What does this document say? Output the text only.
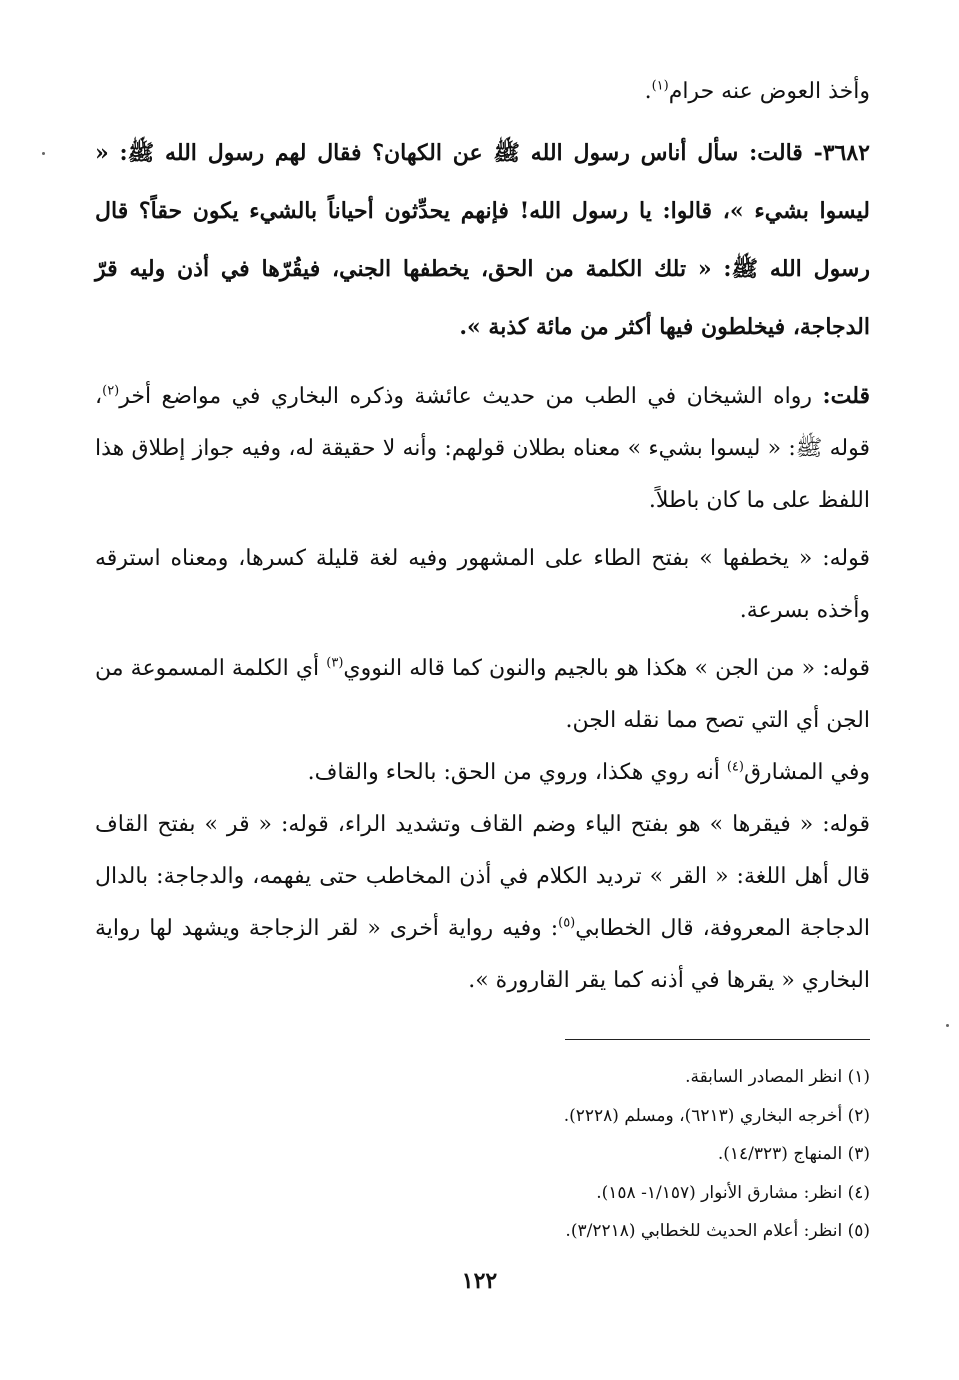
وأخذ العوض عنه حرام$^{(١)}$.

٣٦٨٢- قالت: سأل أناس رسول الله ﷺ عن الكهان؟ فقال لهم رسول الله ﷺ: « ليسوا بشيء »، قالوا: يا رسول الله! فإنهم يحدِّثون أحياناً بالشيء يكون حقاً؟ قال رسول الله ﷺ: « تلك الكلمة من الحق، يخطفها الجني، فيقُرّها في أذن وليه قرّ الدجاجة، فيخلطون فيها أكثر من مائة كذبة ».

قلت: رواه الشيخان في الطب من حديث عائشة وذكره البخاري في مواضع أخر$^{(٢)}$، قوله ﷺ: « ليسوا بشيء » معناه بطلان قولهم: وأنه لا حقيقة له، وفيه جواز إطلاق هذا اللفظ على ما كان باطلاً.

قوله: « يخطفها » بفتح الطاء على المشهور وفيه لغة قليلة كسرها، ومعناه استرقه وأخذه بسرعة.

قوله: « من الجن » هكذا هو بالجيم والنون كما قاله النووي$^{(٣)}$ أي الكلمة المسموعة من الجن أي التي تصح مما نقله الجن.

وفي المشارق$^{(٤)}$ أنه روي هكذا، وروي من الحق: بالحاء والقاف.

قوله: « فيقرها » هو بفتح الياء وضم القاف وتشديد الراء، قوله: « قر » بفتح القاف قال أهل اللغة: « القر » ترديد الكلام في أذن المخاطب حتى يفهمه، والدجاجة: بالدال الدجاجة المعروفة، قال الخطابي$^{(٥)}$: وفيه رواية أخرى « لقر الزجاجة ويشهد لها رواية البخاري « يقرها في أذنه كما يقر القارورة ».

(١) انظر المصادر السابقة.

(٢) أخرجه البخاري (٦٢١٣)، ومسلم (٢٢٢٨).

(٣) المنهاج (١٤/٣٢٣).

(٤) انظر: مشارق الأنوار (١/١٥٧- ١٥٨).

(٥) انظر: أعلام الحديث للخطابي (٣/٢٢١٨).

١٢٢
